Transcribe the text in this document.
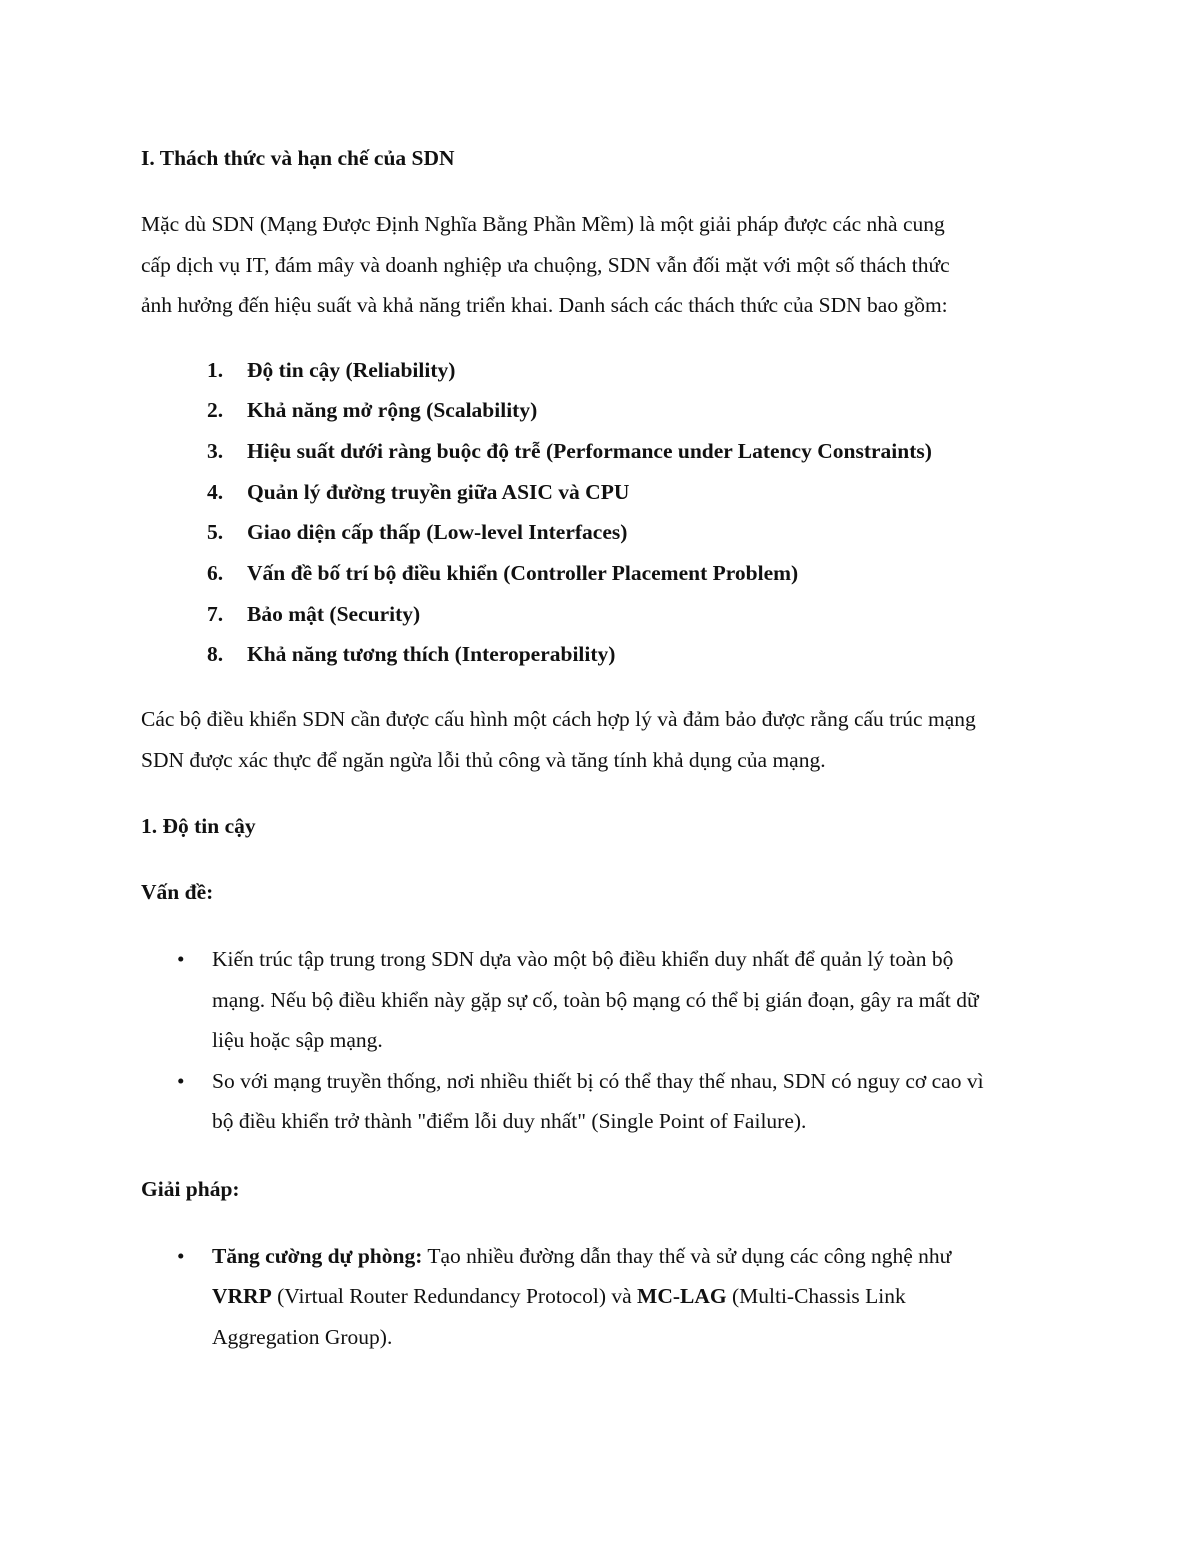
I. Thách thức và hạn chế của SDN

Mặc dù SDN (Mạng Được Định Nghĩa Bằng Phần Mềm) là một giải pháp được các nhà cung
cấp dịch vụ IT, đám mây và doanh nghiệp ưa chuộng, SDN vẫn đối mặt với một số thách thức
ảnh hưởng đến hiệu suất và khả năng triển khai. Danh sách các thách thức của SDN bao gồm:
1. Độ tin cậy (Reliability)
2. Khả năng mở rộng (Scalability)
3. Hiệu suất dưới ràng buộc độ trễ (Performance under Latency Constraints)
4. Quản lý đường truyền giữa ASIC và CPU
5. Giao diện cấp thấp (Low-level Interfaces)
6. Vấn đề bố trí bộ điều khiển (Controller Placement Problem)
7. Bảo mật (Security)
8. Khả năng tương thích (Interoperability)
Các bộ điều khiển SDN cần được cấu hình một cách hợp lý và đảm bảo được rằng cấu trúc mạng
SDN được xác thực để ngăn ngừa lỗi thủ công và tăng tính khả dụng của mạng.

1. Độ tin cậy

Vấn đề:

• Kiến trúc tập trung trong SDN dựa vào một bộ điều khiển duy nhất để quản lý toàn bộ
mạng. Nếu bộ điều khiển này gặp sự cố, toàn bộ mạng có thể bị gián đoạn, gây ra mất dữ
liệu hoặc sập mạng.
• So với mạng truyền thống, nơi nhiều thiết bị có thể thay thế nhau, SDN có nguy cơ cao vì
bộ điều khiển trở thành "điểm lỗi duy nhất" (Single Point of Failure).

Giải pháp:

• Tăng cường dự phòng: Tạo nhiều đường dẫn thay thế và sử dụng các công nghệ như
VRRP (Virtual Router Redundancy Protocol) và MC-LAG (Multi-Chassis Link
Aggregation Group).
